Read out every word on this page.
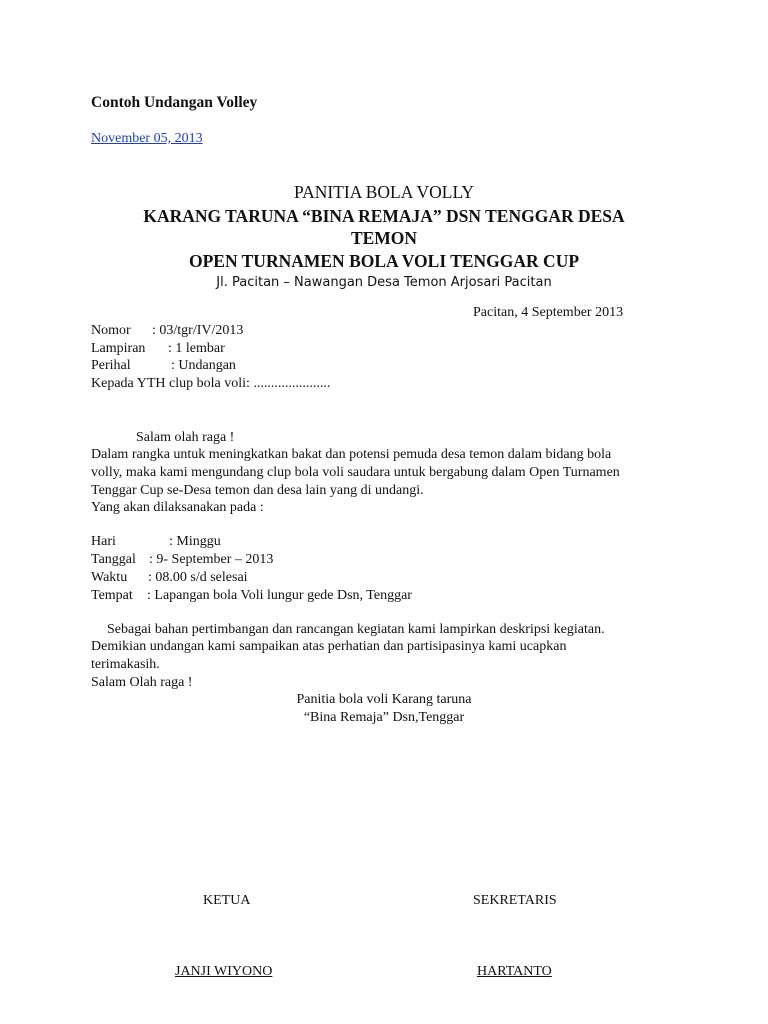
Contoh Undangan Volley
November 05, 2013
PANITIA BOLA VOLLY
KARANG TARUNA “BINA REMAJA” DSN TENGGAR DESA
TEMON
OPEN TURNAMEN BOLA VOLI TENGGAR CUP
Jl. Pacitan – Nawangan Desa Temon Arjosari Pacitan
Pacitan, 4 September 2013
Nomor : 03/tgr/IV/2013
Lampiran : 1 lembar
Perihal	: Undangan
Kepada YTH clup bola voli: ......................
Salam olah raga !
Dalam rangka untuk meningkatkan bakat dan potensi pemuda desa temon dalam bidang bola
volly, maka kami mengundang clup bola voli saudara untuk bergabung dalam Open Turnamen
Tenggar Cup se-Desa temon dan desa lain yang di undangi.
Yang akan dilaksanakan pada :
Hari	: Minggu
Tanggal : 9- September – 2013
Waktu : 08.00 s/d selesai
Tempat : Lapangan bola Voli lungur gede Dsn, Tenggar
Sebagai bahan pertimbangan dan rancangan kegiatan kami lampirkan deskripsi kegiatan.
Demikian undangan kami sampaikan atas perhatian dan partisipasinya kami ucapkan
terimakasih.
Salam Olah raga !
Panitia bola voli Karang taruna
“Bina Remaja” Dsn,Tenggar
KETUA	SEKRETARIS
JANJI WIYONO	HARTANTO
